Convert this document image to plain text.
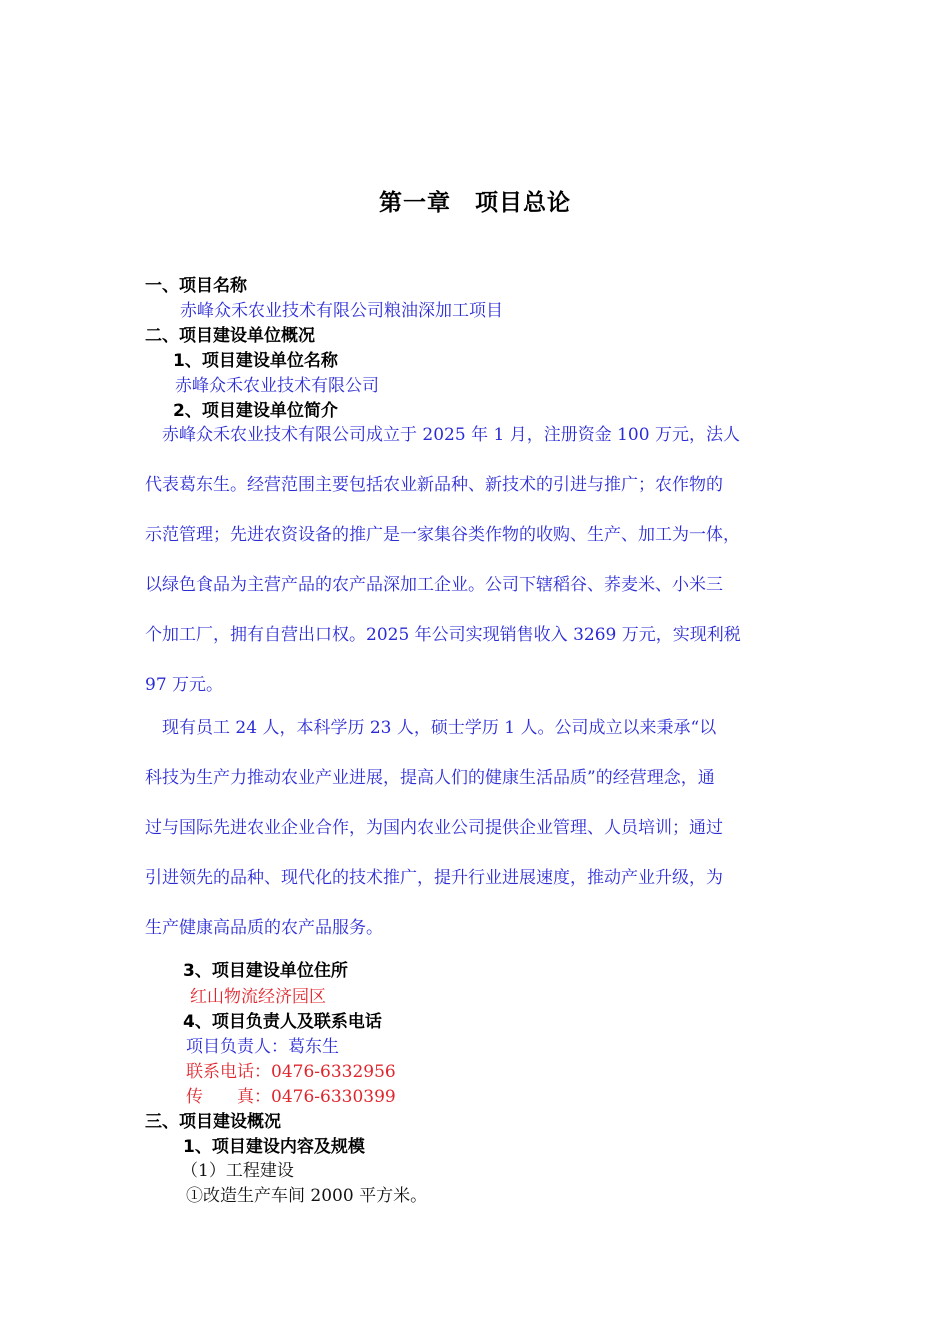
第一章　项目总论
一、项目名称
赤峰众禾农业技术有限公司粮油深加工项目
二、项目建设单位概况
1、项目建设单位名称
赤峰众禾农业技术有限公司
2、项目建设单位简介
　赤峰众禾农业技术有限公司成立于 2025 年 1 月，注册资金 100 万元，法人
代表葛东生。经营范围主要包括农业新品种、新技术的引进与推广；农作物的
示范管理；先进农资设备的推广是一家集谷类作物的收购、生产、加工为一体，
以绿色食品为主营产品的农产品深加工企业。公司下辖稻谷、荞麦米、小米三
个加工厂，拥有自营出口权。2025 年公司实现销售收入 3269 万元，实现利税
97 万元。
　现有员工 24 人，本科学历 23 人，硕士学历 1 人。公司成立以来秉承“以
科技为生产力推动农业产业进展，提高人们的健康生活品质”的经营理念，通
过与国际先进农业企业合作，为国内农业公司提供企业管理、人员培训；通过
引进领先的品种、现代化的技术推广，提升行业进展速度，推动产业升级，为
生产健康高品质的农产品服务。
3、项目建设单位住所
红山物流经济园区
4、项目负责人及联系电话
项目负责人：葛东生
联系电话：0476-6332956
传　　真：0476-6330399
三、项目建设概况
1、项目建设内容及规模
（1）工程建设
①改造生产车间 2000 平方米。
